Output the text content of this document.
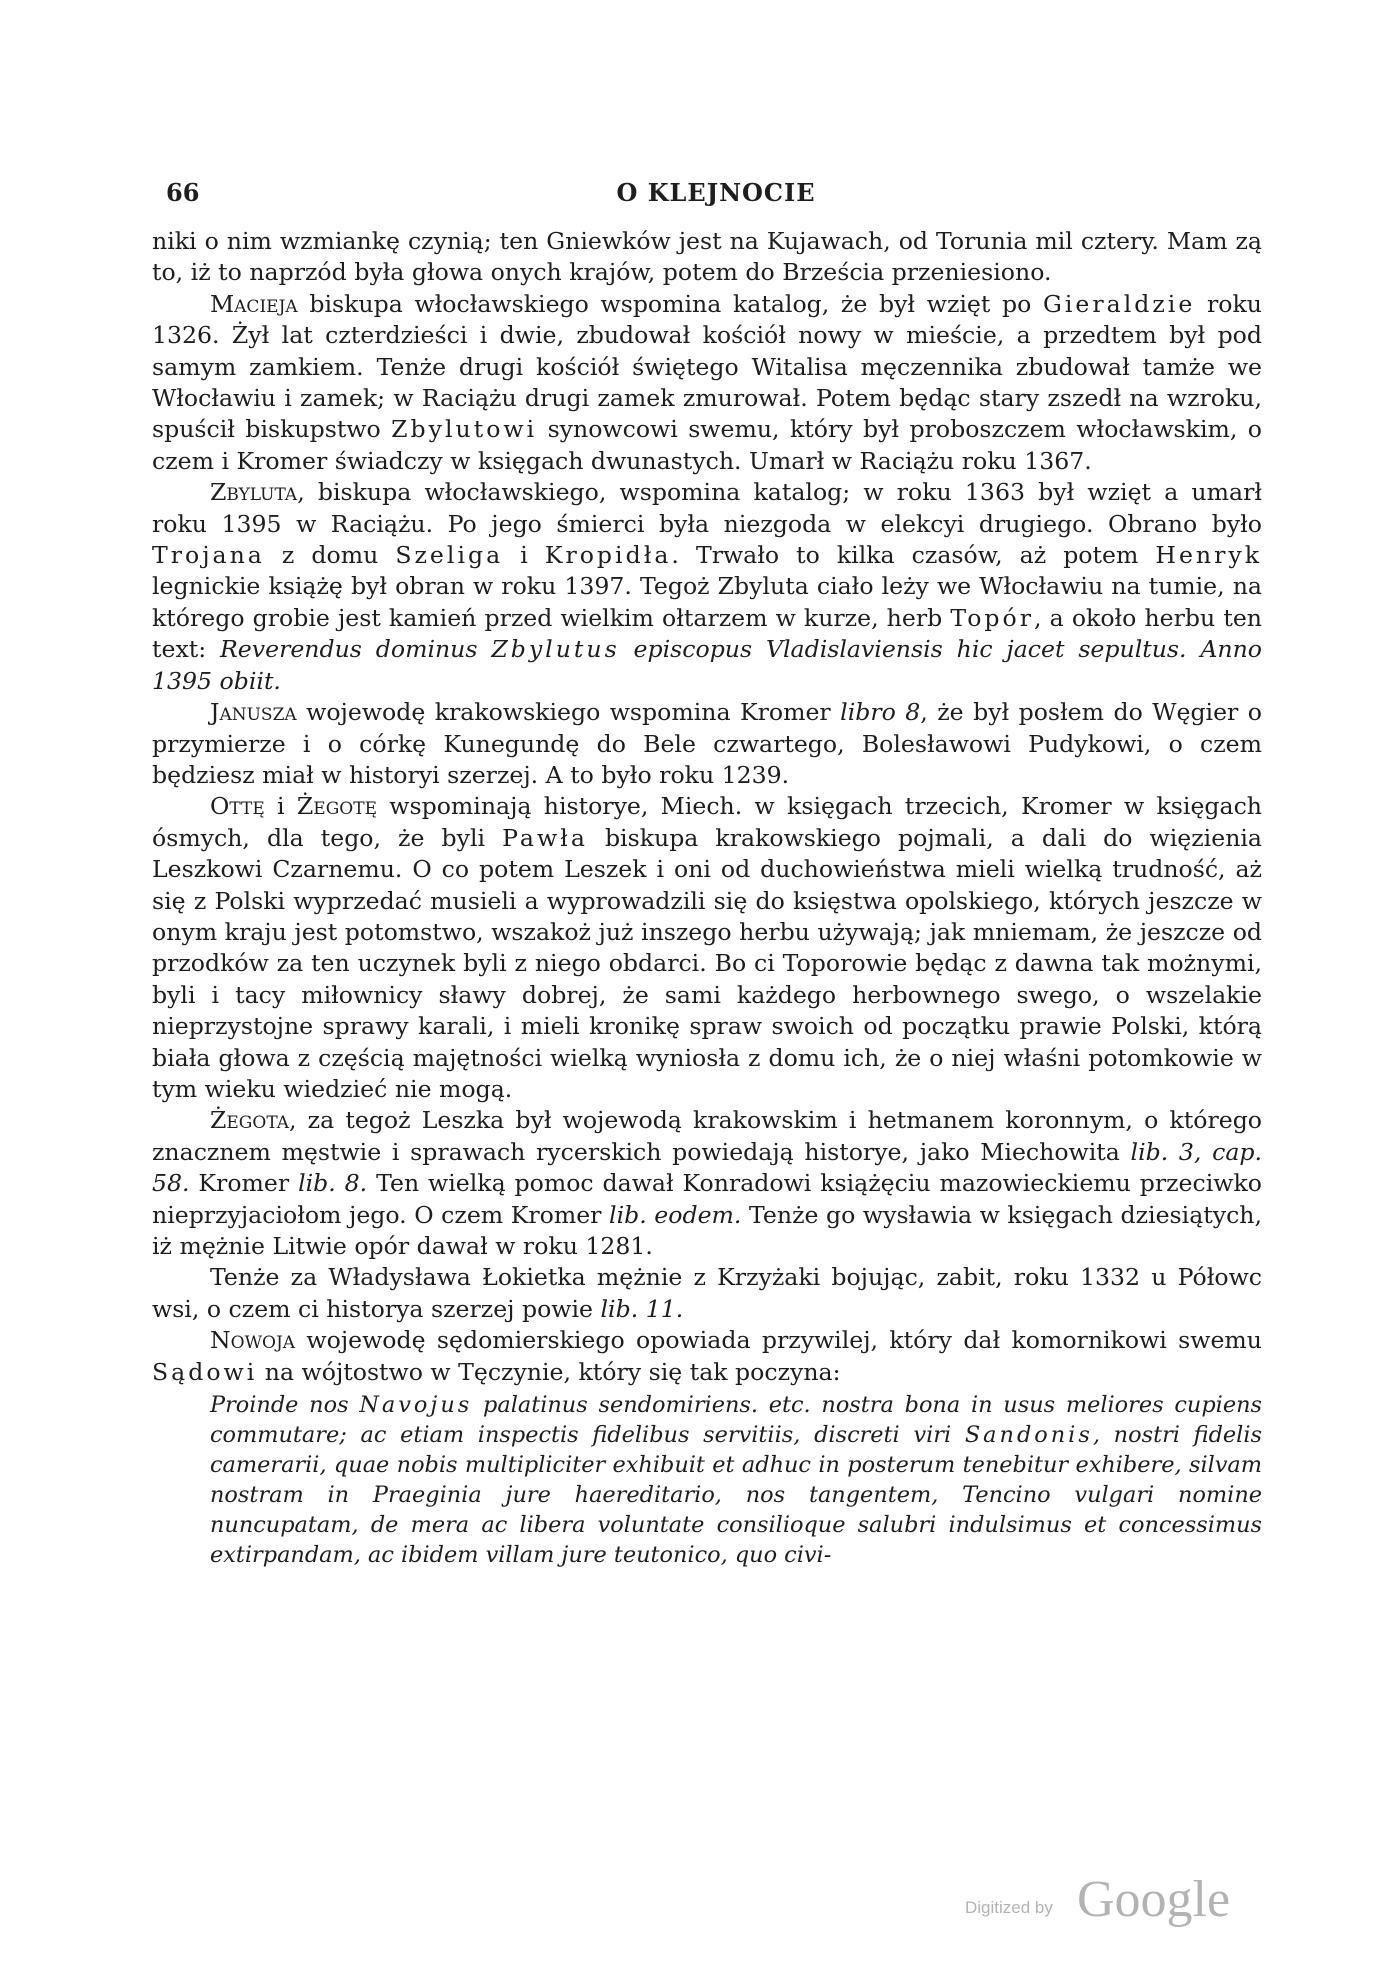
66	O KLEJNOCIE

niki o nim wzmiankę czynią; ten Gniewków jest na Kujawach, od Torunia mil cztery. Mam zą to, iż to naprzód była głowa onych krajów, potem do Brześcia przeniesiono.

Macieja biskupa włocławskiego wspomina katalog, że był wzięt po Gieraldzie roku 1326. Żył lat czterdzieści i dwie, zbudował kościół nowy w mieście, a przedtem był pod samym zamkiem. Tenże drugi kościół świętego Witalisa męczennika zbudował tamże we Włocławiu i zamek; w Raciążu drugi zamek zmurował. Potem będąc stary zszedł na wzroku, spuścił biskupstwo Zbylutowi synowcowi swemu, który był proboszczem włocławskim, o czem i Kromer świadczy w księgach dwunastych. Umarł w Raciążu roku 1367.

Zbyluta, biskupa włocławskiego, wspomina katalog; w roku 1363 był wzięt a umarł roku 1395 w Raciążu. Po jego śmierci była niezgoda w elekcyi drugiego. Obrano było Trojana z domu Szeliga i Kropidła. Trwało to kilka czasów, aż potem Henryk legnickie książę był obran w roku 1397. Tegoż Zbyluta ciało leży we Włocławiu na tumie, na którego grobie jest kamień przed wielkim ołtarzem w kurze, herb Topór, a około herbu ten text: Reverendus dominus Zbylutus episcopus Vladislaviensis hic jacet sepultus. Anno 1395 obiit.

Janusza wojewodę krakowskiego wspomina Kromer libro 8, że był posłem do Węgier o przymierze i o córkę Kunegundę do Bele czwartego, Bolesławowi Pudykowi, o czem będziesz miał w historyi szerzej. A to było roku 1239.

Ottę i Żegotę wspominają historye, Miech. w księgach trzecich, Kromer w księgach ósmych, dla tego, że byli Pawła biskupa krakowskiego pojmali, a dali do więzienia Leszkowi Czarnemu. O co potem Leszek i oni od duchowieństwa mieli wielką trudność, aż się z Polski wyprzedać musieli a wyprowadzili się do księstwa opolskiego, których jeszcze w onym kraju jest potomstwo, wszakoż już inszego herbu używają; jak mniemam, że jeszcze od przodków za ten uczynek byli z niego obdarci. Bo ci Toporowie będąc z dawna tak możnymi, byli i tacy miłownicy sławy dobrej, że sami każdego herbownego swego, o wszelakie nieprzystojne sprawy karali, i mieli kronikę spraw swoich od początku prawie Polski, którą biała głowa z częścią majętności wielką wyniosła z domu ich, że o niej właśni potomkowie w tym wieku wiedzieć nie mogą.

Żegota, za tegoż Leszka był wojewodą krakowskim i hetmanem koronnym, o którego znacznem męstwie i sprawach rycerskich powiedają historye, jako Miechowita lib. 3, cap. 58. Kromer lib. 8. Ten wielką pomoc dawał Konradowi książęciu mazowieckiemu przeciwko nieprzyjaciołom jego. O czem Kromer lib. eodem. Tenże go wysławia w księgach dziesiątych, iż mężnie Litwie opór dawał w roku 1281.

Tenże za Władysława Łokietka mężnie z Krzyżaki bojując, zabit, roku 1332 u Półowc wsi, o czem ci historya szerzej powie lib. 11.

Nowoja wojewodę sędomierskiego opowiada przywilej, który dał komornikowi swemu Sądowi na wójtostwo w Tęczynie, który się tak poczyna:

Proinde nos Navojus palatinus sendomiriens. etc. nostra bona in usus meliores cupiens commutare; ac etiam inspectis fidelibus servitiis, discreti viri Sandonis, nostri fidelis camerarii, quae nobis multipliciter exhibuit et adhuc in posterum tenebitur exhibere, silvam nostram in Praeginia jure haereditario, nos tangentem, Tencino vulgari nomine nuncupatam, de mera ac libera voluntate consilioque salubri indulsimus et concessimus extirpandam, ac ibidem villam jure teutonico, quo civi-

Digitized by Google
